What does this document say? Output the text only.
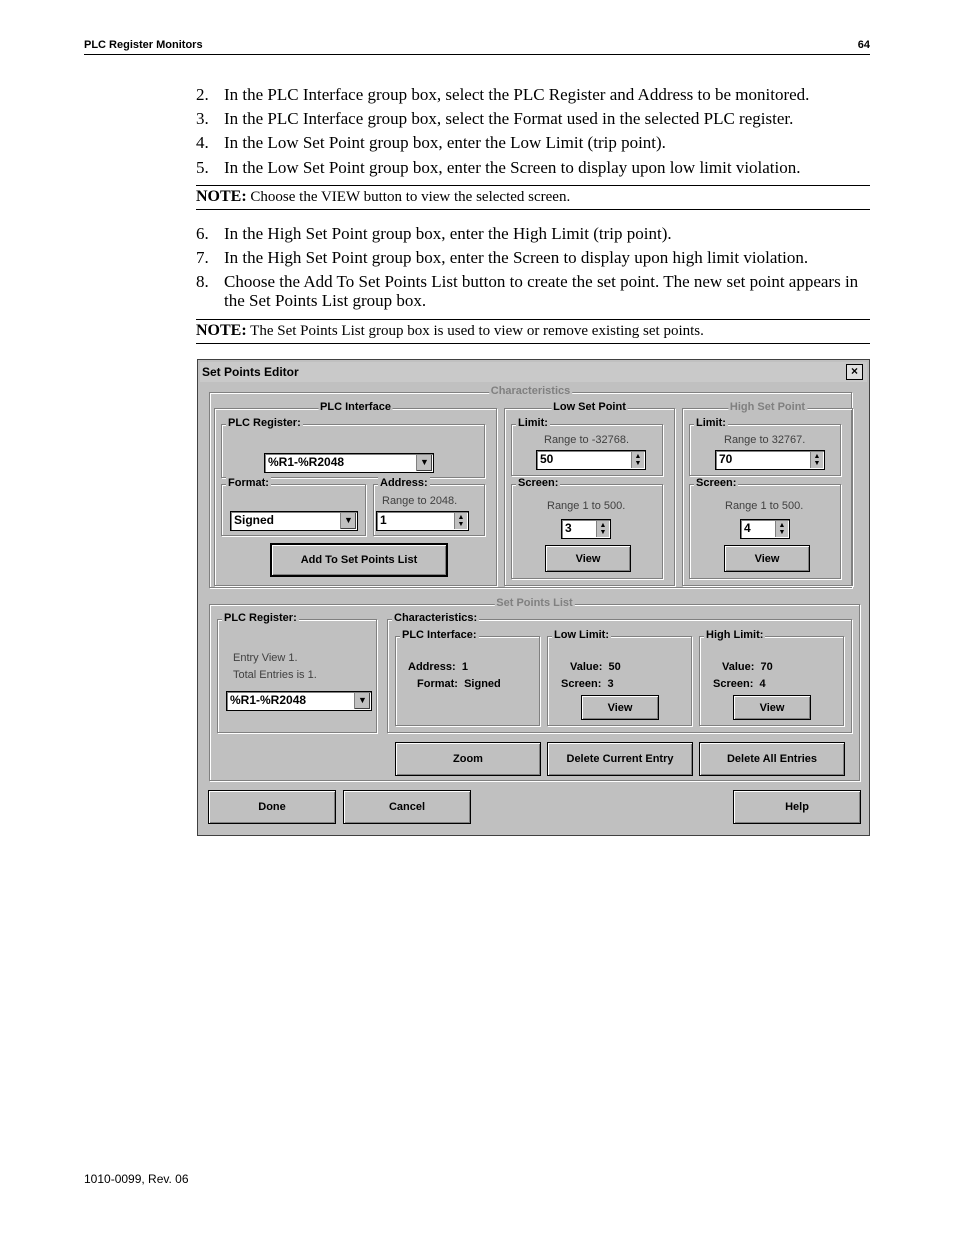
PLC Register Monitors	64
2. In the PLC Interface group box, select the PLC Register and Address to be monitored.
3. In the PLC Interface group box, select the Format used in the selected PLC register.
4. In the Low Set Point group box, enter the Low Limit (trip point).
5. In the Low Set Point group box, enter the Screen to display upon low limit violation.
NOTE: Choose the VIEW button to view the selected screen.
6. In the High Set Point group box, enter the High Limit (trip point).
7. In the High Set Point group box, enter the Screen to display upon high limit violation.
8. Choose the Add To Set Points List button to create the set point. The new set point appears in the Set Points List group box.
NOTE: The Set Points List group box is used to view or remove existing set points.
Set Points Editor	×
Characteristics
PLC Interface
PLC Register:
%R1-%R2048	▼
Format:
Signed	▼
Address:
Range to 2048.
1	▲
▼
Add To Set Points List
Low Set Point
Limit:
Range to -32768.
50	▲
▼
Screen:
Range 1 to 500.
3	▲
▼
View
High Set Point
Limit:
Range to 32767.
70	▲
▼
Screen:
Range 1 to 500.
4	▲
▼
View
Set Points List
PLC Register:
Entry View 1.
Total Entries is 1.
%R1-%R2048	▼
Characteristics:
PLC Interface:
Address: 1
Format: Signed
Low Limit:
Value: 50
Screen: 3
View
High Limit:
Value: 70
Screen: 4
View
Zoom	Delete Current Entry	Delete All Entries
Done	Cancel	Help
1010-0099, Rev. 06
